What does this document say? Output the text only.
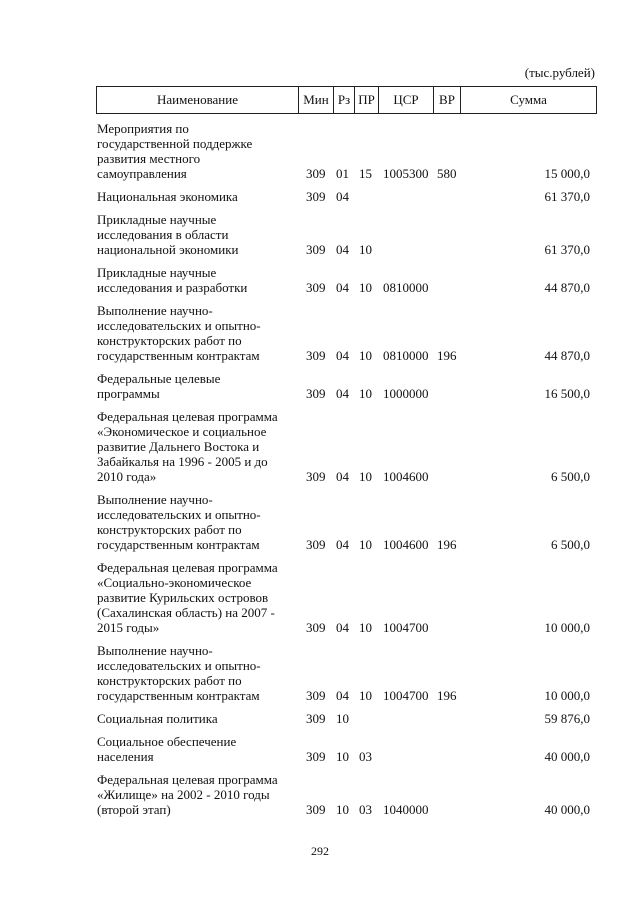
(тыс.рублей)
Наименование	Мин Рз ПР	ЦСР	ВР	Сумма
Мероприятия по
государственной поддержке
развития местного
самоуправления	309 01 15 1005300 580	15 000,0
Национальная экономика	309 04	61 370,0
Прикладные научные
исследования в области
национальной экономики	309 04 10	61 370,0
Прикладные научные
исследования и разработки	309 04 10 0810000	44 870,0
Выполнение научно-
исследовательских и опытно-
конструкторских работ по
государственным контрактам	309 04 10 0810000 196	44 870,0
Федеральные целевые
программы	309 04 10 1000000	16 500,0
Федеральная целевая программа
«Экономическое и социальное
развитие Дальнего Востока и
Забайкалья на 1996 - 2005 и до
2010 года»	309 04 10 1004600	6 500,0
Выполнение научно-
исследовательских и опытно-
конструкторских работ по
государственным контрактам	309 04 10 1004600 196	6 500,0
Федеральная целевая программа
«Социально-экономическое
развитие Курильских островов
(Сахалинская область) на 2007 -
2015 годы»	309 04 10 1004700	10 000,0
Выполнение научно-
исследовательских и опытно-
конструкторских работ по
государственным контрактам	309 04 10 1004700 196	10 000,0
Социальная политика	309 10	59 876,0
Социальное обеспечение
населения	309 10 03	40 000,0
Федеральная целевая программа
«Жилище» на 2002 - 2010 годы
(второй этап)	309 10 03 1040000	40 000,0
292
